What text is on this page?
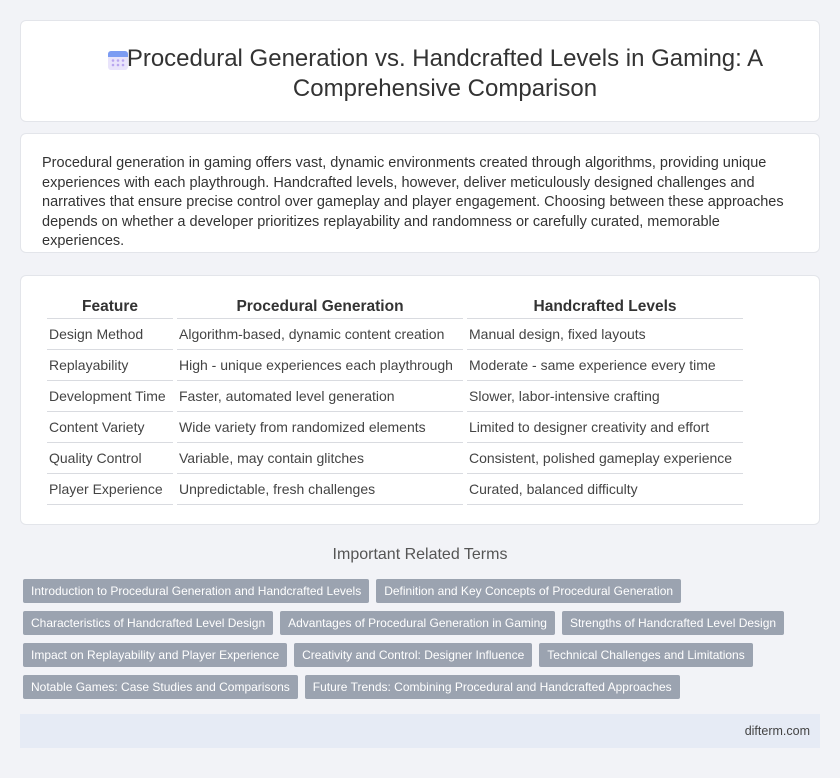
Procedural Generation vs. Handcrafted Levels in Gaming: A Comprehensive Comparison

Procedural generation in gaming offers vast, dynamic environments created through algorithms, providing unique experiences with each playthrough. Handcrafted levels, however, deliver meticulously designed challenges and narratives that ensure precise control over gameplay and player engagement. Choosing between these approaches depends on whether a developer prioritizes replayability and randomness or carefully curated, memorable experiences.

Feature	Procedural Generation	Handcrafted Levels
Design Method	Algorithm-based, dynamic content creation	Manual design, fixed layouts
Replayability	High - unique experiences each playthrough	Moderate - same experience every time
Development Time	Faster, automated level generation	Slower, labor-intensive crafting
Content Variety	Wide variety from randomized elements	Limited to designer creativity and effort
Quality Control	Variable, may contain glitches	Consistent, polished gameplay experience
Player Experience	Unpredictable, fresh challenges	Curated, balanced difficulty
Important Related Terms
Introduction to Procedural Generation and Handcrafted Levels	Definition and Key Concepts of Procedural Generation
Characteristics of Handcrafted Level Design	Advantages of Procedural Generation in Gaming	Strengths of Handcrafted Level Design
Impact on Replayability and Player Experience	Creativity and Control: Designer Influence	Technical Challenges and Limitations
Notable Games: Case Studies and Comparisons	Future Trends: Combining Procedural and Handcrafted Approaches
difterm.com
